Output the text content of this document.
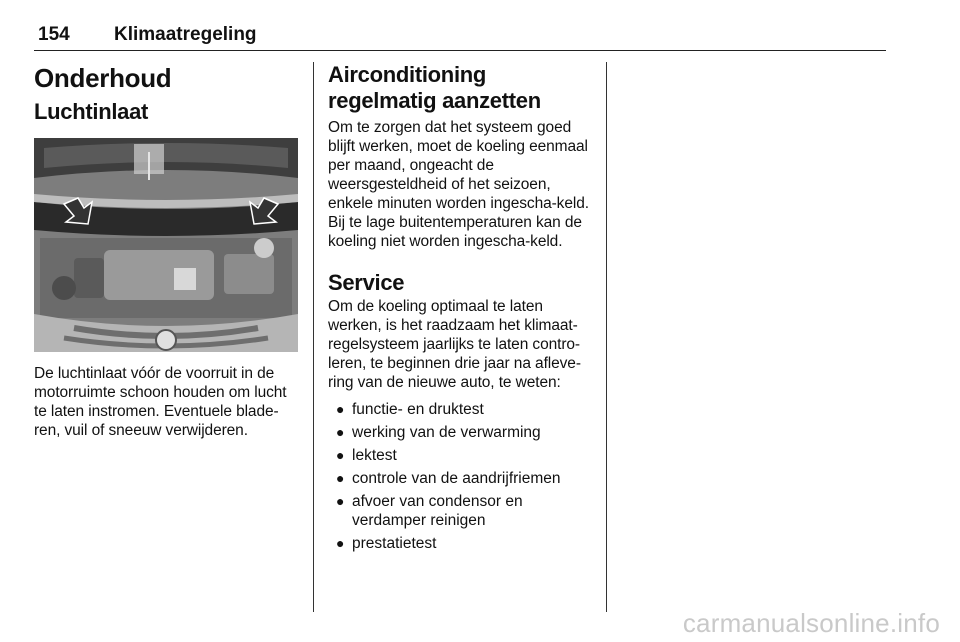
154 Klimaatregeling
Onderhoud
Luchtinlaat

De luchtinlaat vóór de voorruit in de motorruimte schoon houden om lucht te laten instromen. Eventuele blade-ren, vuil of sneeuw verwijderen.

Airconditioning regelmatig aanzetten

Om te zorgen dat het systeem goed blijft werken, moet de koeling eenmaal per maand, ongeacht de weersgesteldheid of het seizoen, enkele minuten worden ingescha-keld. Bij te lage buitentemperaturen kan de koeling niet worden ingescha-keld.

Service

Om de koeling optimaal te laten werken, is het raadzaam het klimaat-regelsysteem jaarlijks te laten contro-leren, te beginnen drie jaar na afleve-ring van de nieuwe auto, te weten:

● functie- en druktest
● werking van de verwarming
● lektest
● controle van de aandrijfriemen
● afvoer van condensor en verdamper reinigen
● prestatietest
carmanualsonline.info
